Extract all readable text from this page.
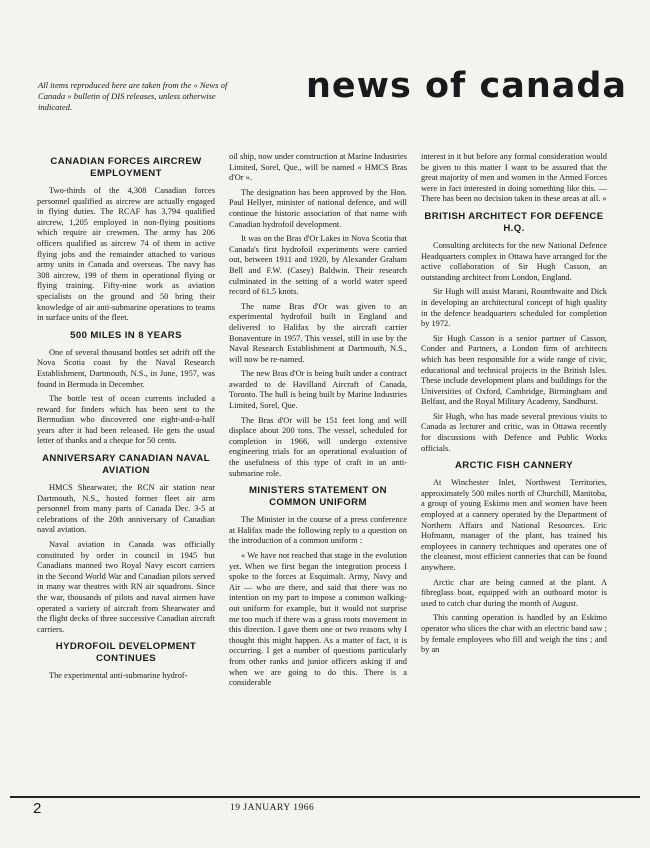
All items reproduced here are taken from the « News of Canada » bulletin of DIS releases, unless otherwise indicated.
news of canada
CANADIAN FORCES AIRCREW EMPLOYMENT

Two-thirds of the 4,308 Canadian forces personnel qualified as aircrew are actually engaged in flying duties. The RCAF has 3,794 qualified aircrew, 1,205 employed in non-flying positions which require air crewmen. The army has 206 officers qualified as aircrew 74 of them in active flying jobs and the remainder attached to various army units in Canada and overseas. The navy has 308 aircrew, 199 of them in operational flying or flying training. Fifty-nine work as aviation specialists on the ground and 50 bring their knowledge of air anti-submarine operations to teams in surface units of the fleet.

500 MILES IN 8 YEARS

One of several thousand bottles set adrift off the Nova Scotia coast by the Naval Research Establishment, Dartmouth, N.S., in June, 1957, was found in Bermuda in December.

The bottle test of ocean currents included a reward for finders which has been sent to the Bermudian who discovered one eight-and-a-half years after it had been released. He gets the usual letter of thanks and a cheque for 50 cents.

ANNIVERSARY CANADIAN NAVAL AVIATION

HMCS Shearwater, the RCN air station near Dartmouth, N.S., hosted former fleet air arm personnel from many parts of Canada Dec. 3-5 at celebrations of the 20th anniversary of Canadian naval aviation.

Naval aviation in Canada was officially constituted by order in council in 1945 but Canadians manned two Royal Navy escort carriers in the Second World War and Canadian pilots served in many war theatres with RN air squadrons. Since the war, thousands of pilots and naval airmen have operated a variety of aircraft from Shearwater and the flight decks of three successive Canadian aircraft carriers.

HYDROFOIL DEVELOPMENT CONTINUES

The experimental anti-submarine hydrof-

oil ship, now under construction at Marine Industries Limited, Sorel, Que., will be named « HMCS Bras d'Or ».

The designation has been approved by the Hon. Paul Hellyer, minister of national defence, and will continue the historic association of that name with Canadian hydrofoil development.

It was on the Bras d'Or Lakes in Nova Scotia that Canada's first hydrofoil experiments were carried out, between 1911 and 1920, by Alexander Graham Bell and F.W. (Casey) Baldwin. Their research culminated in the setting of a world water speed record of 61.5 knots.

The name Bras d'Or was given to an experimental hydrofoil built in England and delivered to Halifax by the aircraft carrier Bonaventure in 1957. This vessel, still in use by the Naval Research Establishment at Dartmouth, N.S., will now be re-named.

The new Bras d'Or is being built under a contract awarded to de Havilland Aircraft of Canada, Toronto. The hull is being built by Marine Industries Limited, Sorel, Que.

The Bras d'Or will be 151 feet long and will displace about 200 tons. The vessel, scheduled for completion in 1966, will undergo extensive engineering trials for an operational evaluation of the usefulness of this type of craft in an anti-submarine role.

MINISTERS STATEMENT ON COMMON UNIFORM

The Minister in the course of a press conference at Halifax made the following reply to a question on the introduction of a common uniform :

« We have not reached that stage in the evolution yet. When we first began the integration process I spoke to the forces at Esquimalt. Army, Navy and Air — who are there, and said that there was no intention on my part to impose a common walking-out uniform for example, but it would not surprise me too much if there was a grass roots movement in this direction. I gave them one or two reasons why I thought this might happen. As a matter of fact, it is occurring. I get a number of questions particularly from other ranks and junior officers asking if and when we are going to do this. There is a considerable

interest in it but before any formal consideration would be given to this matter I want to be assured that the great majority of men and women in the Armed Forces were in fact interested in doing something like this. — There has been no decision taken in these areas at all. »

BRITISH ARCHITECT FOR DEFENCE H.Q.

Consulting architects for the new National Defence Headquarters complex in Ottawa have arranged for the active collaboration of Sir Hugh Casson, an outstanding architect from London, England.

Sir Hugh will assist Marani, Rounthwaite and Dick in developing an architectural concept of high quality in the defence headquarters scheduled for completion by 1972.

Sir Hugh Casson is a senior partner of Casson, Conder and Partners, a London firm of architects which has been responsible for a wide range of civic, educational and technical projects in the British Isles. These include development plans and buildings for the Universities of Oxford, Cambridge, Birmingham and Belfast, and the Royal Military Academy, Sandhurst.

Sir Hugh, who has made several previous visits to Canada as lecturer and critic, was in Ottawa recently for discussions with Defence and Public Works officials.

ARCTIC FISH CANNERY

At Winchester Inlet, Northwest Territories, approximately 500 miles north of Churchill, Manitoba, a group of young Eskimo men and women have been employed at a cannery operated by the Department of Northern Affairs and National Resources. Eric Hofmann, manager of the plant, has trained his employees in cannery techniques and operates one of the cleanest, most efficient canneries that can be found anywhere.

Arctic char are being canned at the plant. A fibreglass boat, equipped with an outboard motor is used to catch char during the month of August.

This canning operation is handled by an Eskimo operator who slices the char with an electric band saw ; by female employees who fill and weigh the tins ; and by an

2	19 JANUARY 1966
